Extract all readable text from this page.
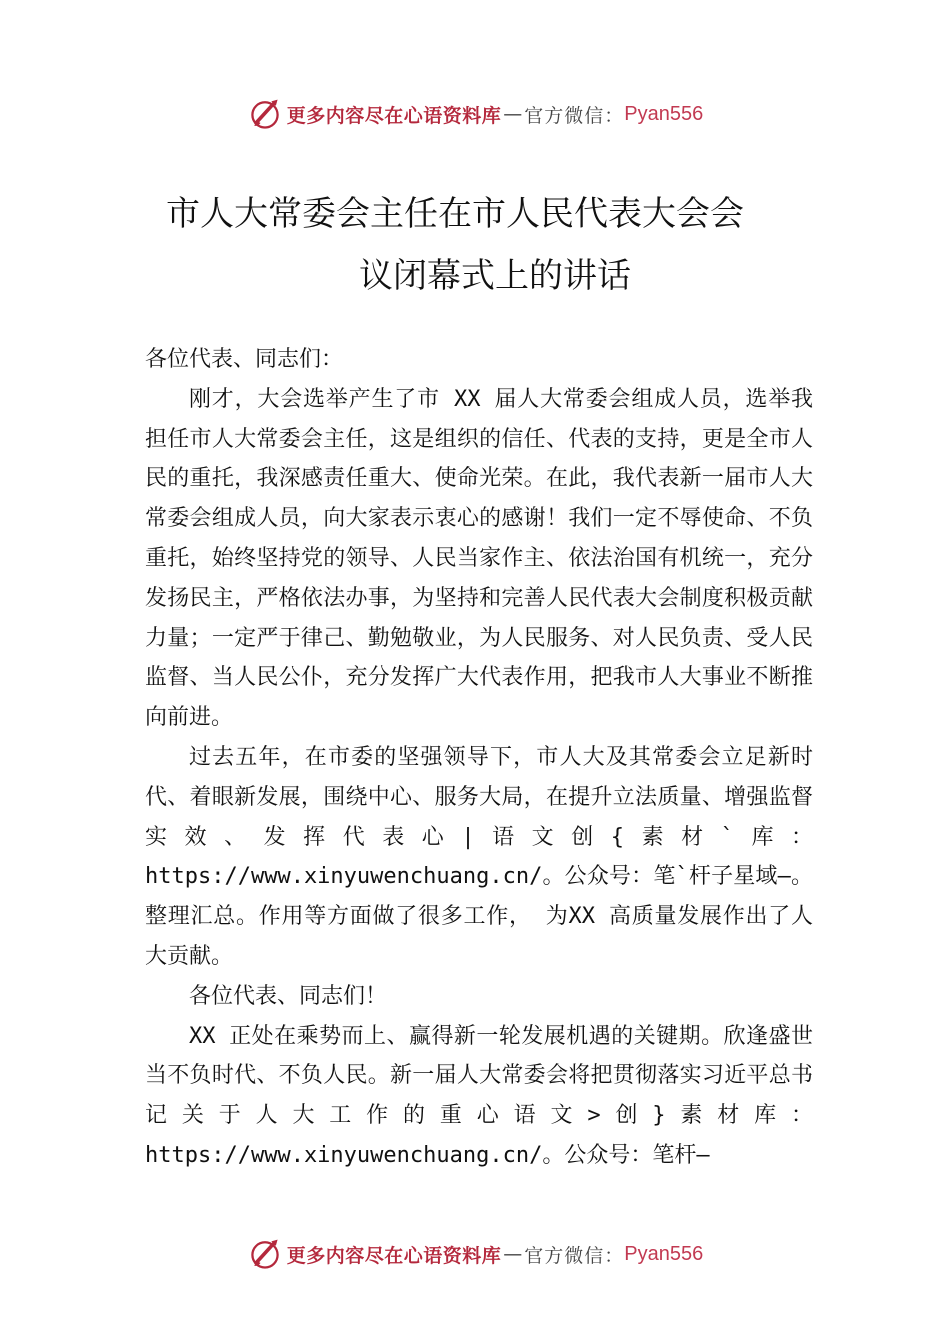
更多内容尽在心语资料库 — 官方微信： Pyan556
市人大常委会主任在市人民代表大会会
议闭幕式上的讲话

各位代表、同志们：

刚才，大会选举产生了市 XX 届人大常委会组成人员，选举我担任市人大常委会主任，这是组织的信任、代表的支持，更是全市人民的重托，我深感责任重大、使命光荣。在此，我代表新一届市人大常委会组成人员，向大家表示衷心的感谢！我们一定不辱使命、不负重托，始终坚持党的领导、人民当家作主、依法治国有机统一，充分发扬民主，严格依法办事，为坚持和完善人民代表大会制度积极贡献力量；一定严于律己、勤勉敬业，为人民服务、对人民负责、受人民监督、当人民公仆，充分发挥广大代表作用，把我市人大事业不断推向前进。

过去五年，在市委的坚强领导下，市人大及其常委会立足新时代、着眼新发展，围绕中心、服务大局，在提升立法质量、增强监督实效、发挥代表心|语文创{素材`库：https://www.xinyuwenchuang.cn/。公众号：笔`杆子星域—。整理汇总。作用等方面做了很多工作， 为XX 高质量发展作出了人大贡献。

各位代表、同志们！

XX 正处在乘势而上、赢得新一轮发展机遇的关键期。欣逢盛世当不负时代、不负人民。新一届人大常委会将把贯彻落实习近平总书记关于人大工作的重心语文>创}素材库：https://www.xinyuwenchuang.cn/。公众号：笔杆—

更多内容尽在心语资料库 — 官方微信： Pyan556
